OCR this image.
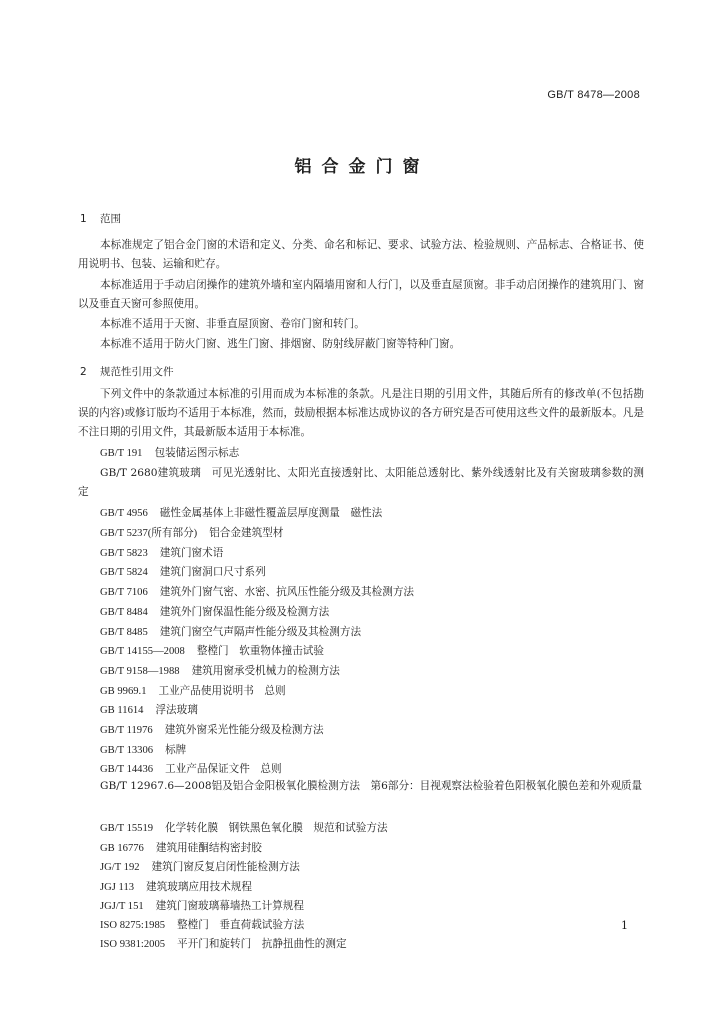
GB/T 8478—2008
铝合金门窗
1 范围
本标准规定了铝合金门窗的术语和定义、分类、命名和标记、要求、试验方法、检验规则、产品标志、合格证书、使用说明书、包装、运输和贮存。
本标准适用于手动启闭操作的建筑外墙和室内隔墙用窗和人行门，以及垂直屋顶窗。非手动启闭操作的建筑用门、窗以及垂直天窗可参照使用。
本标准不适用于天窗、非垂直屋顶窗、卷帘门窗和转门。
本标准不适用于防火门窗、逃生门窗、排烟窗、防射线屏蔽门窗等特种门窗。
2 规范性引用文件
下列文件中的条款通过本标准的引用而成为本标准的条款。凡是注日期的引用文件，其随后所有的修改单(不包括勘误的内容)或修订版均不适用于本标准，然而，鼓励根据本标准达成协议的各方研究是否可使用这些文件的最新版本。凡是不注日期的引用文件，其最新版本适用于本标准。
GB/T 191 包装储运图示标志
GB/T 2680建筑玻璃　可见光透射比、太阳光直接透射比、太阳能总透射比、紫外线透射比及有关窗玻璃参数的测定
GB/T 4956 磁性金属基体上非磁性覆盖层厚度测量　磁性法
GB/T 5237(所有部分) 铝合金建筑型材
GB/T 5823 建筑门窗术语
GB/T 5824 建筑门窗洞口尺寸系列
GB/T 7106 建筑外门窗气密、水密、抗风压性能分级及其检测方法
GB/T 8484 建筑外门窗保温性能分级及检测方法
GB/T 8485 建筑门窗空气声隔声性能分级及其检测方法
GB/T 14155—2008 整樘门　软重物体撞击试验
GB/T 9158—1988 建筑用窗承受机械力的检测方法
GB 9969.1 工业产品使用说明书　总则
GB 11614 浮法玻璃
GB/T 11976 建筑外窗采光性能分级及检测方法
GB/T 13306 标牌
GB/T 14436 工业产品保证文件　总则
GB/T 12967.6—2008铝及铝合金阳极氧化膜检测方法　第6部分：目视观察法检验着色阳极氧化膜色差和外观质量
GB/T 15519 化学转化膜　钢铁黑色氧化膜　规范和试验方法
GB 16776 建筑用硅酮结构密封胶
JG/T 192 建筑门窗反复启闭性能检测方法
JGJ 113 建筑玻璃应用技术规程
JGJ/T 151 建筑门窗玻璃幕墙热工计算规程
ISO 8275:1985 整樘门　垂直荷载试验方法
ISO 9381:2005 平开门和旋转门　抗静扭曲性的测定
1
